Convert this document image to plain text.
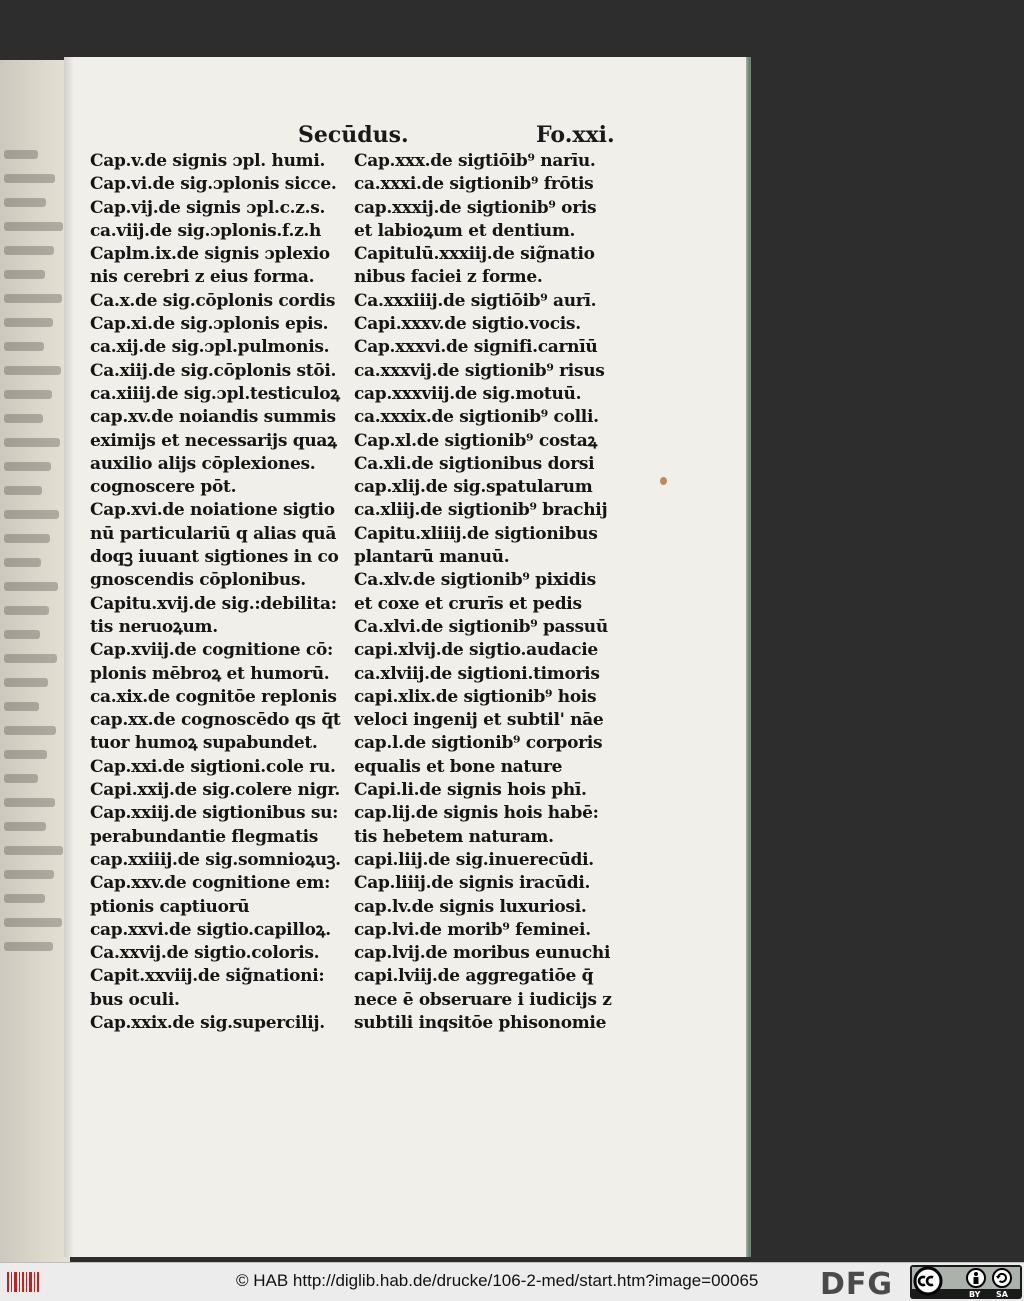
Secūdus.	Fo.xxi.
Cap.v.de signis ɔpl. humi.
Cap.vi.de sig.ɔplonis sicce.
Cap.vij.de signis ɔpl.c.z.s.
ca.viij.de sig.ɔplonis.f.z.h
Caplm.ix.de signis ɔplexio
nis cerebri z eius forma.
Ca.x.de sig.cōplonis cordis
Cap.xi.de sig.ɔplonis epis.
ca.xij.de sig.ɔpl.pulmonis.
Ca.xiij.de sig.cōplonis stōi.
ca.xiiij.de sig.ɔpl.testiculoꝝ
cap.xv.de noiandis summis
eximijs et necessarijs quaꝝ
auxilio alijs cōplexiones.
cognoscere pōt.
Cap.xvi.de noiatione sigtio
nū particulariū q alias quā
doqꝫ iuuant sigtiones in co
gnoscendis cōplonibus.
Capitu.xvij.de sig.:debilita:
tis neruoꝝum.
Cap.xviij.de cognitione cō:
plonis mēbroꝝ et humorū.
ca.xix.de cognitōe replonis
cap.xx.de cognoscēdo qs q̄t
tuor humoꝝ supabundet.
Cap.xxi.de sigtioni.cole ru.
Capi.xxij.de sig.colere nigr.
Cap.xxiij.de sigtionibus su:
perabundantie flegmatis
cap.xxiiij.de sig.somnioꝝuꝫ.
Cap.xxv.de cognitione em:
ptionis captiuorū
cap.xxvi.de sigtio.capilloꝝ.
Ca.xxvij.de sigtio.coloris.
Capit.xxviij.de sig̃nationi:
bus oculi.
Cap.xxix.de sig.supercilij.
Cap.xxx.de sigtiōib⁹ narīu.
ca.xxxi.de sigtionib⁹ frōtis
cap.xxxij.de sigtionib⁹ oris
et labioꝝum et dentium.
Capitulū.xxxiij.de sig̃natio
nibus faciei z forme.
Ca.xxxiiij.de sigtiōib⁹ aurī.
Capi.xxxv.de sigtio.vocis.
Cap.xxxvi.de signifi.carnīū
ca.xxxvij.de sigtionib⁹ risus
cap.xxxviij.de sig.motuū.
ca.xxxix.de sigtionib⁹ colli.
Cap.xl.de sigtionib⁹ costaꝝ
Ca.xli.de sigtionibus dorsi
cap.xlij.de sig.spatularum
ca.xliij.de sigtionib⁹ brachij
Capitu.xliiij.de sigtionibus
plantarū manuū.
Ca.xlv.de sigtionib⁹ pixidis
et coxe et crurīs et pedis
Ca.xlvi.de sigtionib⁹ passuū
capi.xlvij.de sigtio.audacie
ca.xlviij.de sigtioni.timoris
capi.xlix.de sigtionib⁹ hois
veloci ingenij et subtil' nāe
cap.l.de sigtionib⁹ corporis
equalis et bone nature
Capi.li.de signis hois phī.
cap.lij.de signis hois habē:
tis hebetem naturam.
capi.liij.de sig.inuerecūdi.
Cap.liiij.de signis iracūdi.
cap.lv.de signis luxuriosi.
cap.lvi.de morib⁹ feminei.
cap.lvij.de moribus eunuchi
capi.lviij.de aggregatiōe q̄
nece ē obseruare i iudicijs z
subtili inqsitōe phisonomie
© HAB http://diglib.hab.de/drucke/106-2-med/start.htm?image=00065 DFG	BY SA
